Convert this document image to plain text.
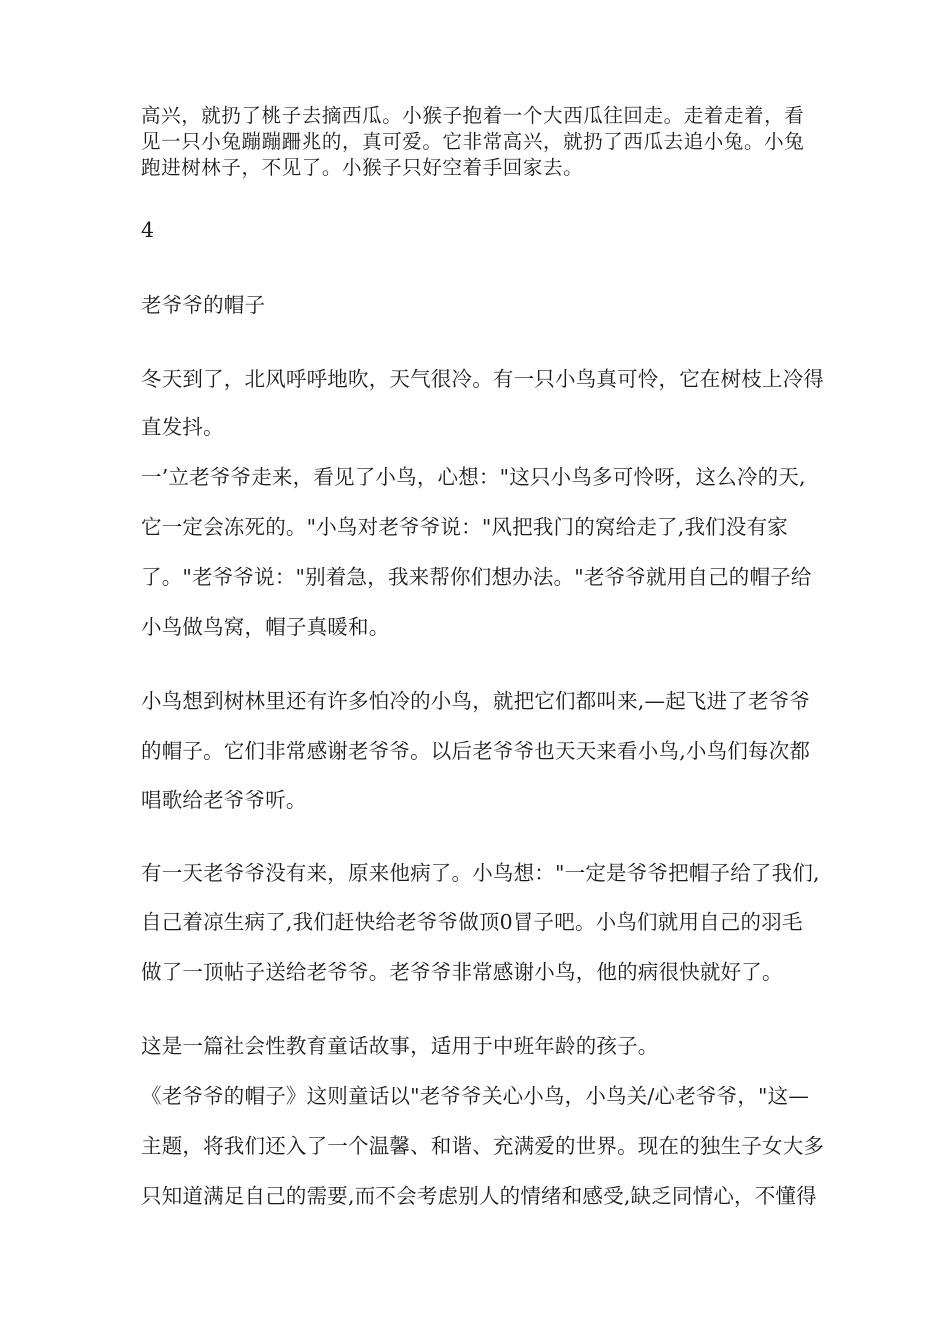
高兴，就扔了桃子去摘西瓜。小猴子抱着一个大西瓜往回走。走着走着，看
见一只小兔蹦蹦跚兆的，真可爱。它非常高兴，就扔了西瓜去追小兔。小兔
跑进树林子，不见了。小猴子只好空着手回家去。
4
老爷爷的帽子
冬天到了，北风呼呼地吹，天气很冷。有一只小鸟真可怜，它在树枝上冷得
直发抖。
一’立老爷爷走来，看见了小鸟，心想："这只小鸟多可怜呀，这么冷的天,
它一定会冻死的。"小鸟对老爷爷说："风把我门的窝给走了,我们没有家
了。"老爷爷说："别着急，我来帮你们想办法。"老爷爷就用自己的帽子给
小鸟做鸟窝，帽子真暖和。
小鸟想到树林里还有许多怕冷的小鸟，就把它们都叫来,—起飞进了老爷爷
的帽子。它们非常感谢老爷爷。以后老爷爷也天天来看小鸟,小鸟们每次都
唱歌给老爷爷听。
有一天老爷爷没有来，原来他病了。小鸟想："一定是爷爷把帽子给了我们,
自己着凉生病了,我们赶快给老爷爷做顶0冒子吧。小鸟们就用自己的羽毛
做了一顶帖子送给老爷爷。老爷爷非常感谢小鸟，他的病很快就好了。
这是一篇社会性教育童话故事，适用于中班年龄的孩子。
《老爷爷的帽子》这则童话以"老爷爷关心小鸟，小鸟关/心老爷爷，"这—
主题，将我们还入了一个温馨、和谐、充满爱的世界。现在的独生子女大多
只知道满足自己的需要,而不会考虑别人的情绪和感受,缺乏同情心，不懂得
